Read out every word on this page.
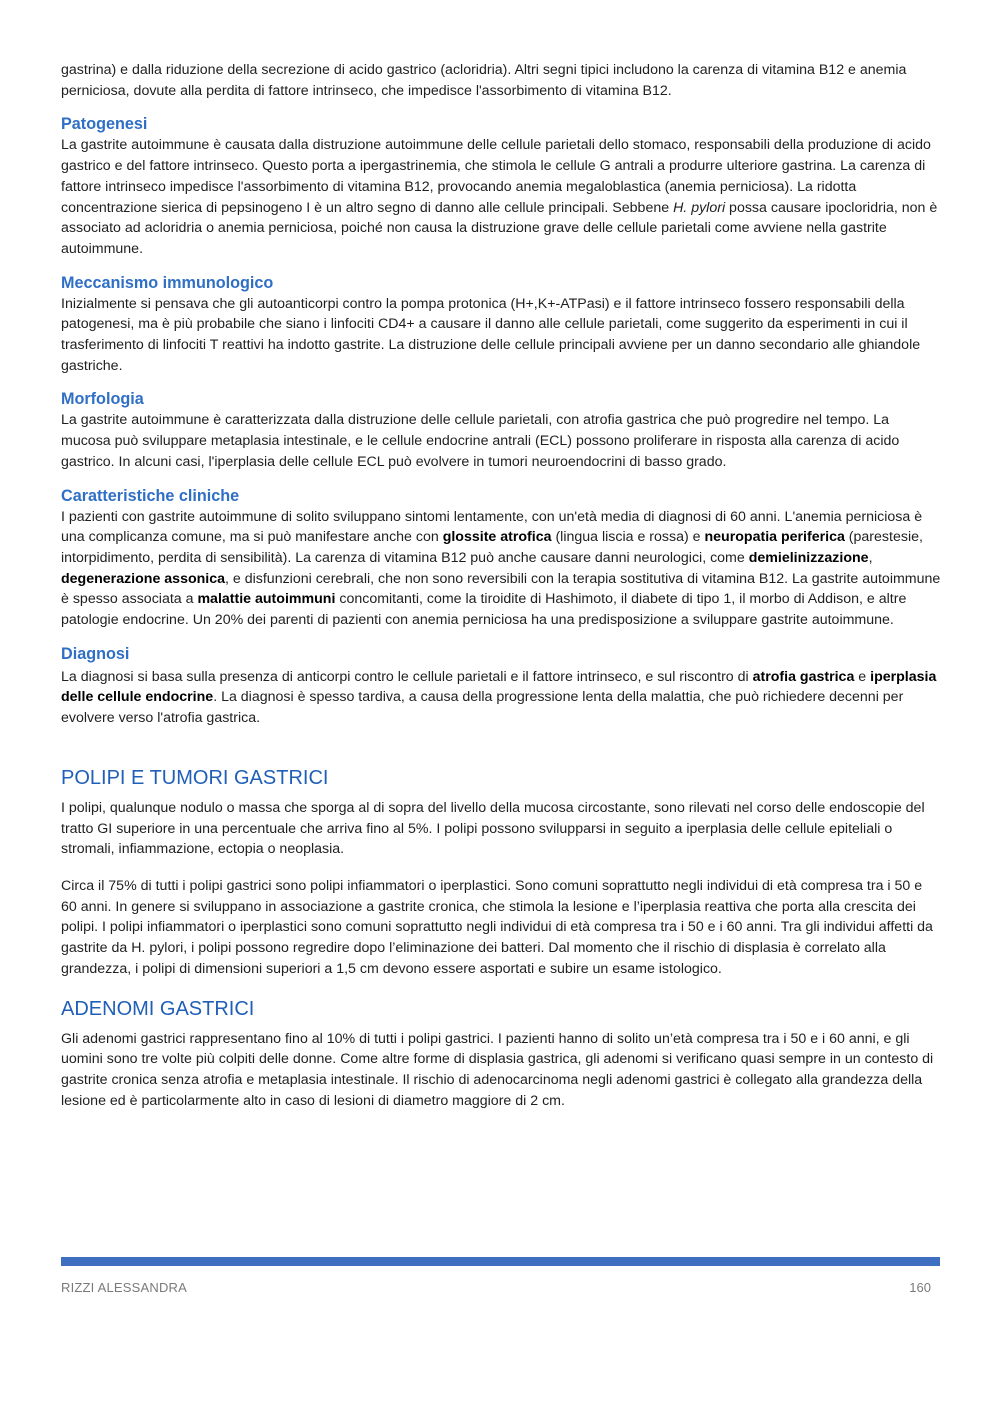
gastrina) e dalla riduzione della secrezione di acido gastrico (acloridria). Altri segni tipici includono la carenza di vitamina B12 e anemia perniciosa, dovute alla perdita di fattore intrinseco, che impedisce l'assorbimento di vitamina B12.

Patogenesi

La gastrite autoimmune è causata dalla distruzione autoimmune delle cellule parietali dello stomaco, responsabili della produzione di acido gastrico e del fattore intrinseco. Questo porta a ipergastrinemia, che stimola le cellule G antrali a produrre ulteriore gastrina. La carenza di fattore intrinseco impedisce l'assorbimento di vitamina B12, provocando anemia megaloblastica (anemia perniciosa). La ridotta concentrazione sierica di pepsinogeno I è un altro segno di danno alle cellule principali. Sebbene H. pylori possa causare ipocloridria, non è associato ad acloridria o anemia perniciosa, poiché non causa la distruzione grave delle cellule parietali come avviene nella gastrite autoimmune.

Meccanismo immunologico

Inizialmente si pensava che gli autoanticorpi contro la pompa protonica (H+,K+-ATPasi) e il fattore intrinseco fossero responsabili della patogenesi, ma è più probabile che siano i linfociti CD4+ a causare il danno alle cellule parietali, come suggerito da esperimenti in cui il trasferimento di linfociti T reattivi ha indotto gastrite. La distruzione delle cellule principali avviene per un danno secondario alle ghiandole gastriche.

Morfologia

La gastrite autoimmune è caratterizzata dalla distruzione delle cellule parietali, con atrofia gastrica che può progredire nel tempo. La mucosa può sviluppare metaplasia intestinale, e le cellule endocrine antrali (ECL) possono proliferare in risposta alla carenza di acido gastrico. In alcuni casi, l'iperplasia delle cellule ECL può evolvere in tumori neuroendocrini di basso grado.

Caratteristiche cliniche

I pazienti con gastrite autoimmune di solito sviluppano sintomi lentamente, con un'età media di diagnosi di 60 anni. L'anemia perniciosa è una complicanza comune, ma si può manifestare anche con glossite atrofica (lingua liscia e rossa) e neuropatia periferica (parestesie, intorpidimento, perdita di sensibilità). La carenza di vitamina B12 può anche causare danni neurologici, come demielinizzazione, degenerazione assonica, e disfunzioni cerebrali, che non sono reversibili con la terapia sostitutiva di vitamina B12. La gastrite autoimmune è spesso associata a malattie autoimmuni concomitanti, come la tiroidite di Hashimoto, il diabete di tipo 1, il morbo di Addison, e altre patologie endocrine. Un 20% dei parenti di pazienti con anemia perniciosa ha una predisposizione a sviluppare gastrite autoimmune.

Diagnosi

La diagnosi si basa sulla presenza di anticorpi contro le cellule parietali e il fattore intrinseco, e sul riscontro di atrofia gastrica e iperplasia delle cellule endocrine. La diagnosi è spesso tardiva, a causa della progressione lenta della malattia, che può richiedere decenni per evolvere verso l'atrofia gastrica.

POLIPI E TUMORI GASTRICI

I polipi, qualunque nodulo o massa che sporga al di sopra del livello della mucosa circostante, sono rilevati nel corso delle endoscopie del tratto GI superiore in una percentuale che arriva fino al 5%. I polipi possono svilupparsi in seguito a iperplasia delle cellule epiteliali o stromali, infiammazione, ectopia o neoplasia.

Circa il 75% di tutti i polipi gastrici sono polipi infiammatori o iperplastici. Sono comuni soprattutto negli individui di età compresa tra i 50 e 60 anni. In genere si sviluppano in associazione a gastrite cronica, che stimola la lesione e l’iperplasia reattiva che porta alla crescita dei polipi. I polipi infiammatori o iperplastici sono comuni soprattutto negli individui di età compresa tra i 50 e i 60 anni. Tra gli individui affetti da gastrite da H. pylori, i polipi possono regredire dopo l’eliminazione dei batteri. Dal momento che il rischio di displasia è correlato alla grandezza, i polipi di dimensioni superiori a 1,5 cm devono essere asportati e subire un esame istologico.

ADENOMI GASTRICI

Gli adenomi gastrici rappresentano fino al 10% di tutti i polipi gastrici. I pazienti hanno di solito un’età compresa tra i 50 e i 60 anni, e gli uomini sono tre volte più colpiti delle donne. Come altre forme di displasia gastrica, gli adenomi si verificano quasi sempre in un contesto di gastrite cronica senza atrofia e metaplasia intestinale. Il rischio di adenocarcinoma negli adenomi gastrici è collegato alla grandezza della lesione ed è particolarmente alto in caso di lesioni di diametro maggiore di 2 cm.

RIZZI ALESSANDRA	160
